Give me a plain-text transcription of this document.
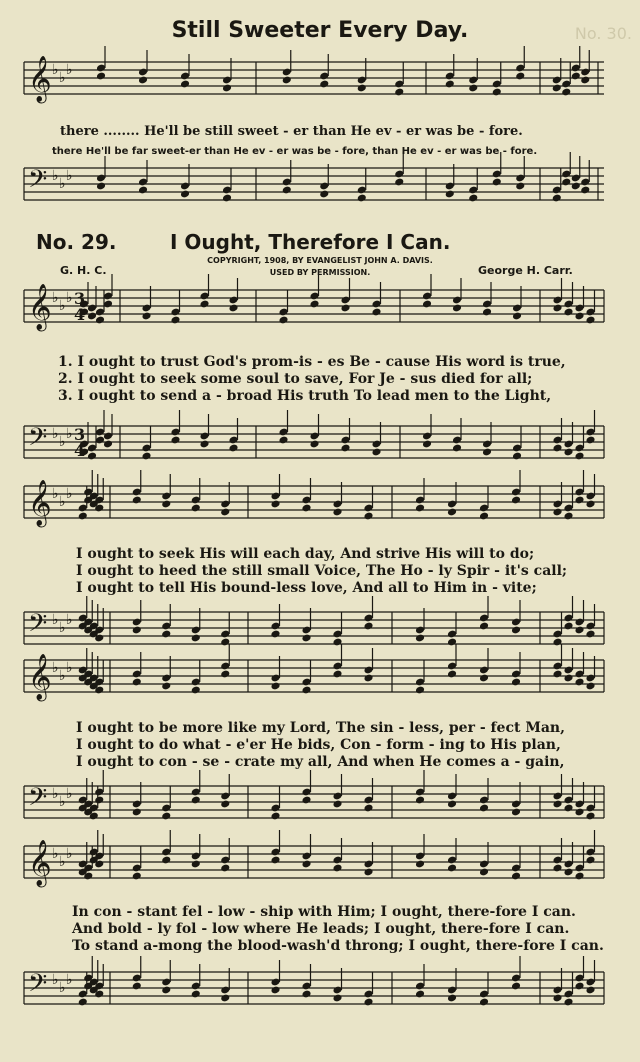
No. 30.
Still Sweeter Every Day.
𝄞 ♭ ♭ ♭
𝄢 ♭ ♭ ♭
𝄞 ♭ ♭ ♭
𝄢 ♭ ♭ ♭
𝄞 ♭ ♭ ♭
𝄢 ♭ ♭ ♭
𝄞 ♭ ♭ ♭
𝄢 ♭ ♭ ♭
𝄞 ♭ ♭ ♭
𝄢 ♭ ♭ ♭
3
4
3
4
there ........ He'll be still sweet - er than He ev - er was be - fore.
there He'll be far sweet-er than He ev - er was be - fore, than He ev - er was be - fore.
No. 29.	I Ought, Therefore I Can.
COPYRIGHT, 1908, BY EVANGELIST JOHN A. DAVIS.
USED BY PERMISSION.
G. H. C.	George H. Carr.
1. I ought to trust God's prom-is - es Be - cause His word is true,
2. I ought to seek some soul to save, For Je - sus died for all;
3. I ought to send a - broad His truth To lead men to the Light,
I ought to seek His will each day, And strive His will to do;
I ought to heed the still small Voice, The Ho - ly Spir - it's call;
I ought to tell His bound-less love, And all to Him in - vite;
I ought to be more like my Lord, The sin - less, per - fect Man,
I ought to do what - e'er He bids, Con - form - ing to His plan,
I ought to con - se - crate my all, And when He comes a - gain,
In con - stant fel - low - ship with Him; I ought, there-fore I can.
And bold - ly fol - low where He leads; I ought, there-fore I can.
To stand a-mong the blood-wash'd throng; I ought, there-fore I can.
